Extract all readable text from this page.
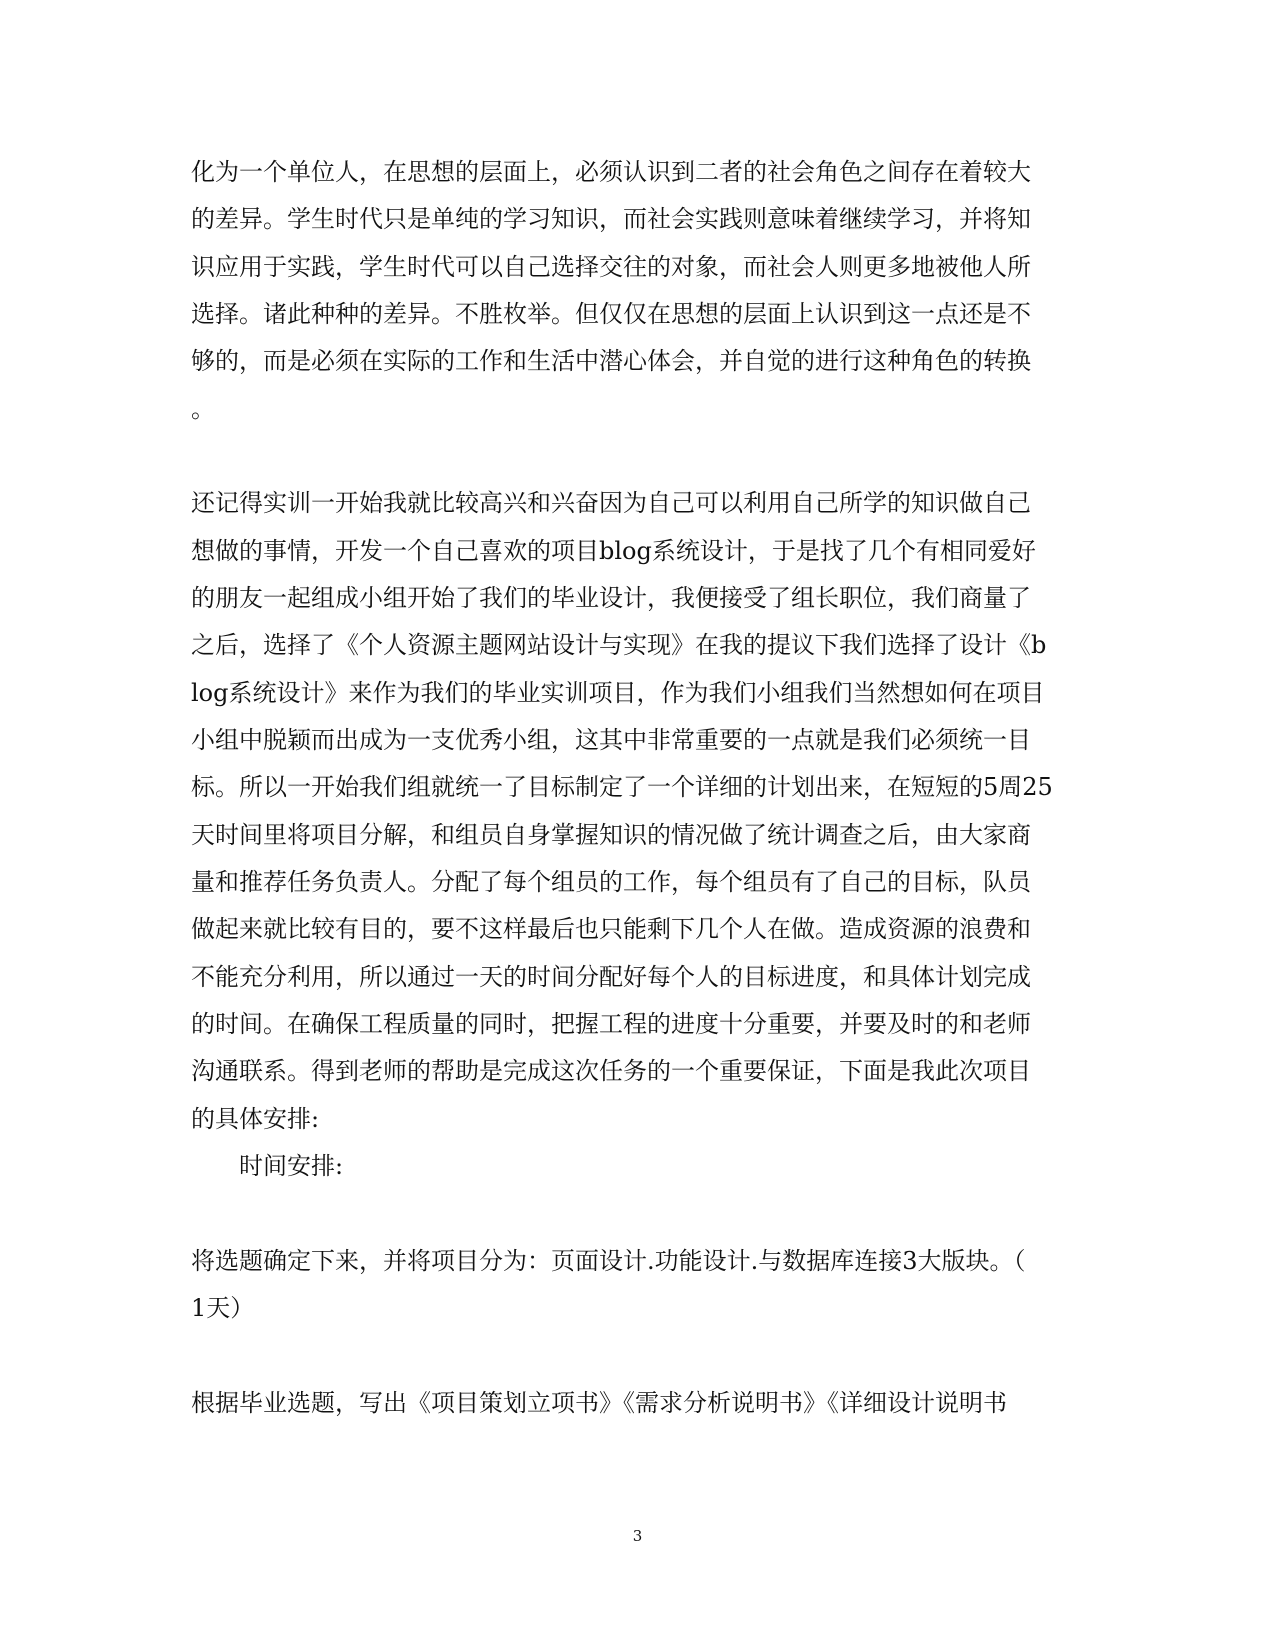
化为一个单位人，在思想的层面上，必须认识到二者的社会角色之间存在着较大
的差异。学生时代只是单纯的学习知识，而社会实践则意味着继续学习，并将知
识应用于实践，学生时代可以自己选择交往的对象，而社会人则更多地被他人所
选择。诸此种种的差异。不胜枚举。但仅仅在思想的层面上认识到这一点还是不
够的，而是必须在实际的工作和生活中潜心体会，并自觉的进行这种角色的转换
。
还记得实训一开始我就比较高兴和兴奋因为自己可以利用自己所学的知识做自己
想做的事情，开发一个自己喜欢的项目blog系统设计，于是找了几个有相同爱好
的朋友一起组成小组开始了我们的毕业设计，我便接受了组长职位，我们商量了
之后，选择了《个人资源主题网站设计与实现》在我的提议下我们选择了设计《b
log系统设计》来作为我们的毕业实训项目，作为我们小组我们当然想如何在项目
小组中脱颖而出成为一支优秀小组，这其中非常重要的一点就是我们必须统一目
标。所以一开始我们组就统一了目标制定了一个详细的计划出来，在短短的5周25
天时间里将项目分解，和组员自身掌握知识的情况做了统计调查之后，由大家商
量和推荐任务负责人。分配了每个组员的工作，每个组员有了自己的目标，队员
做起来就比较有目的，要不这样最后也只能剩下几个人在做。造成资源的浪费和
不能充分利用，所以通过一天的时间分配好每个人的目标进度，和具体计划完成
的时间。在确保工程质量的同时，把握工程的进度十分重要，并要及时的和老师
沟通联系。得到老师的帮助是完成这次任务的一个重要保证，下面是我此次项目
的具体安排:
时间安排:
将选题确定下来，并将项目分为：页面设计.功能设计.与数据库连接3大版块。（
1天）
根据毕业选题，写出《项目策划立项书》《需求分析说明书》《详细设计说明书
3
